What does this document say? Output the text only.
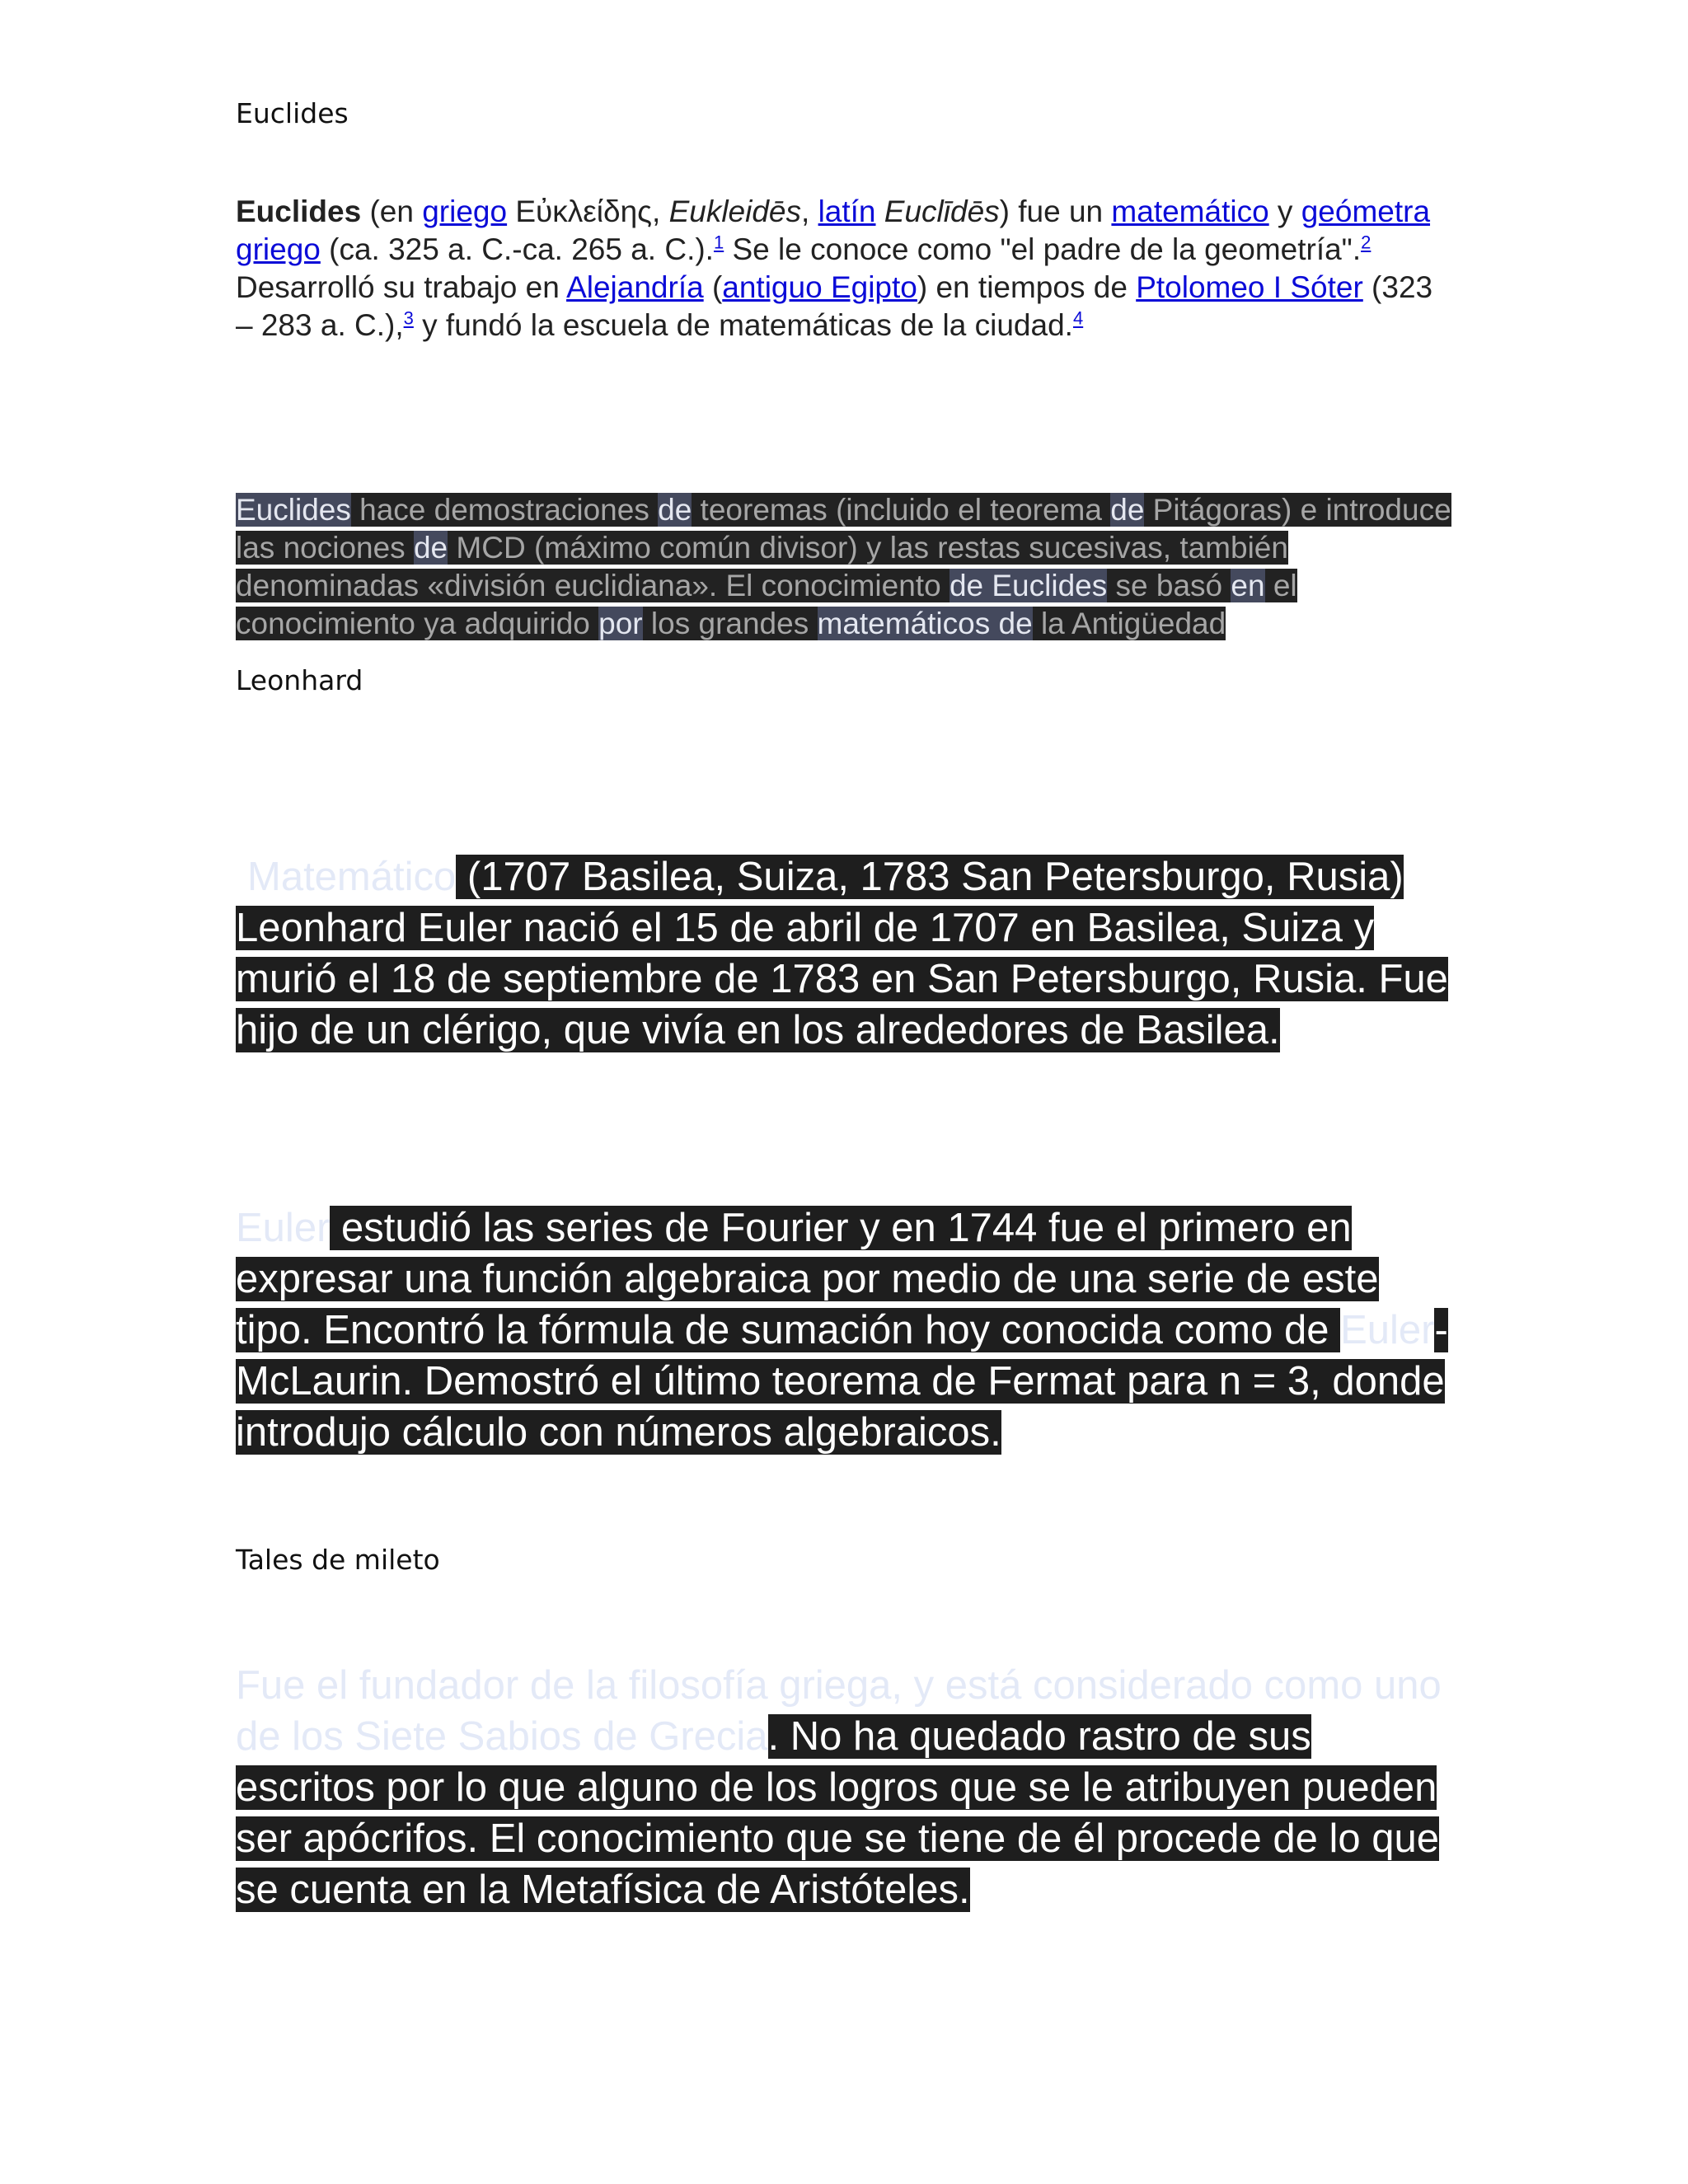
Euclides
Euclides (en griego Εὐκλείδης, Eukleidēs, latín Euclīdēs) fue un matemático y geómetra griego (ca. 325 a. C.-ca. 265 a. C.).$^1$ Se le conoce como "el padre de la geometría".$^2$ Desarrolló su trabajo en Alejandría (antiguo Egipto) en tiempos de Ptolomeo I Sóter (323 – 283 a. C.),$^3$ y fundó la escuela de matemáticas de la ciudad.$^4$
Euclides hace demostraciones de teoremas (incluido el teorema de Pitágoras) e introduce las nociones de MCD (máximo común divisor) y las restas sucesivas, también denominadas «división euclidiana». El conocimiento de Euclides se basó en el conocimiento ya adquirido por los grandes matemáticos de la Antigüedad
Leonhard
Matemático (1707 Basilea, Suiza, 1783 San Petersburgo, Rusia) Leonhard Euler nació el 15 de abril de 1707 en Basilea, Suiza y murió el 18 de septiembre de 1783 en San Petersburgo, Rusia. Fue hijo de un clérigo, que vivía en los alrededores de Basilea.
Euler estudió las series de Fourier y en 1744 fue el primero en expresar una función algebraica por medio de una serie de este tipo. Encontró la fórmula de sumación hoy conocida como de Euler-McLaurin. Demostró el último teorema de Fermat para n = 3, donde introdujo cálculo con números algebraicos.
Tales de mileto
Fue el fundador de la filosofía griega, y está considerado como uno de los Siete Sabios de Grecia. No ha quedado rastro de sus escritos por lo que alguno de los logros que se le atribuyen pueden ser apócrifos. El conocimiento que se tiene de él procede de lo que se cuenta en la Metafísica de Aristóteles.
